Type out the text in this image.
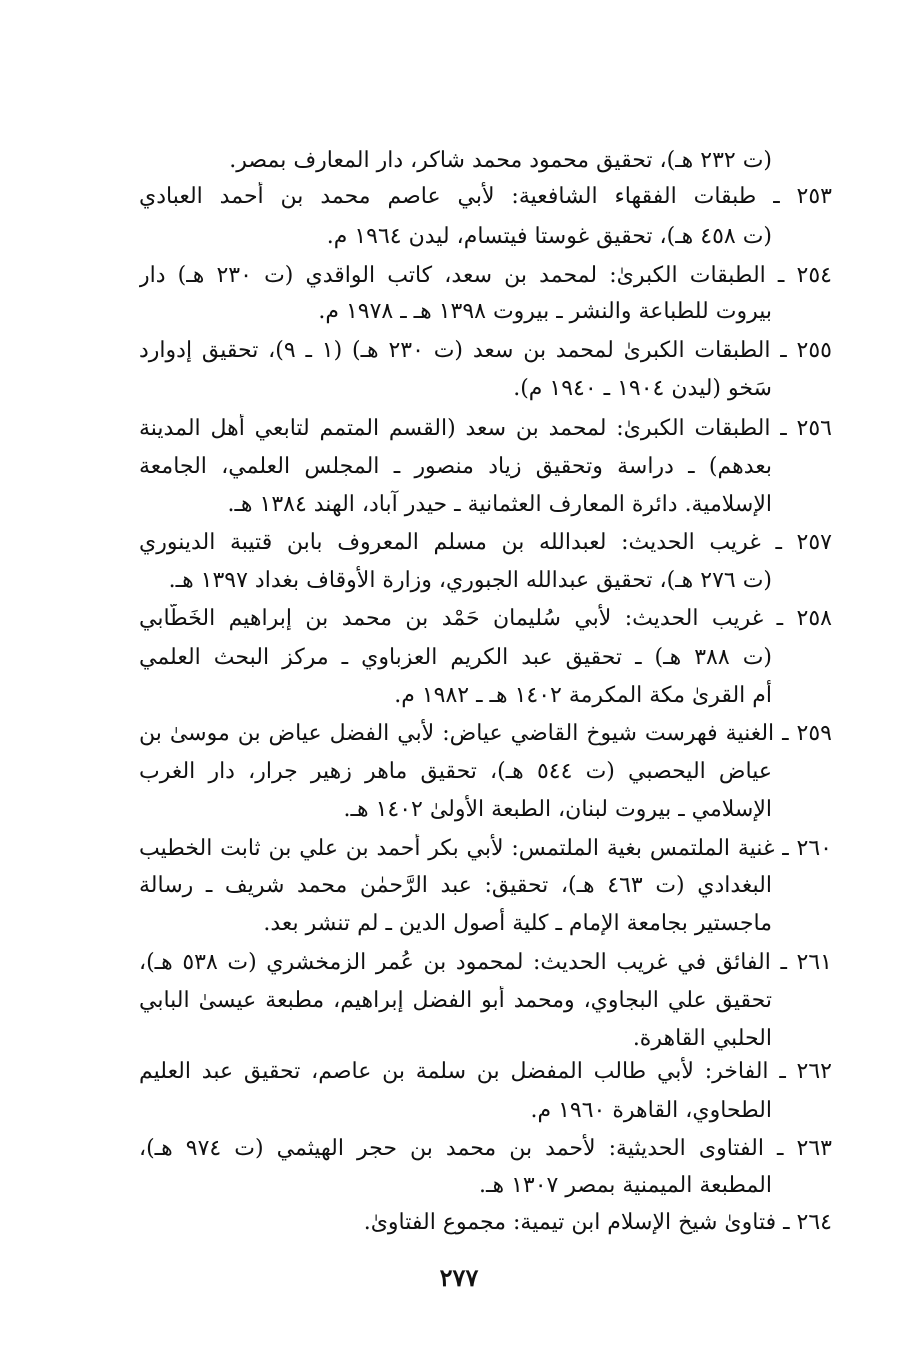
(ت ٢٣٢ هـ)، تحقيق محمود محمد شاكر، دار المعارف بمصر.
٢٥٣ ـ طبقات الفقهاء الشافعية: لأبي عاصم محمد بن أحمد العبادي
(ت ٤٥٨ هـ)، تحقيق غوستا فيتسام، ليدن ١٩٦٤ م.
٢٥٤ ـ الطبقات الكبرىٰ: لمحمد بن سعد، كاتب الواقدي (ت ٢٣٠ هـ) دار
بيروت للطباعة والنشر ـ بيروت ١٣٩٨ هـ ـ ١٩٧٨ م.
٢٥٥ ـ الطبقات الكبرىٰ لمحمد بن سعد (ت ٢٣٠ هـ) (١ ـ ٩)، تحقيق إدوارد
سَخو (ليدن ١٩٠٤ ـ ١٩٤٠ م).
٢٥٦ ـ الطبقات الكبرىٰ: لمحمد بن سعد (القسم المتمم لتابعي أهل المدينة
بعدهم) ـ دراسة وتحقيق زياد منصور ـ المجلس العلمي، الجامعة
الإسلامية. دائرة المعارف العثمانية ـ حيدر آباد، الهند ١٣٨٤ هـ.
٢٥٧ ـ غريب الحديث: لعبدالله بن مسلم المعروف بابن قتيبة الدينوري
(ت ٢٧٦ هـ)، تحقيق عبدالله الجبوري، وزارة الأوقاف بغداد ١٣٩٧ هـ.
٢٥٨ ـ غريب الحديث: لأبي سُليمان حَمْد بن محمد بن إبراهيم الخَطَّابي
(ت ٣٨٨ هـ) ـ تحقيق عبد الكريم العزباوي ـ مركز البحث العلمي
أم القرىٰ مكة المكرمة ١٤٠٢ هـ ـ ١٩٨٢ م.
٢٥٩ ـ الغنية فهرست شيوخ القاضي عياض: لأبي الفضل عياض بن موسىٰ بن
عياض اليحصبي (ت ٥٤٤ هـ)، تحقيق ماهر زهير جرار، دار الغرب
الإسلامي ـ بيروت لبنان، الطبعة الأولىٰ ١٤٠٢ هـ.
٢٦٠ ـ غنية الملتمس بغية الملتمس: لأبي بكر أحمد بن علي بن ثابت الخطيب
البغدادي (ت ٤٦٣ هـ)، تحقيق: عبد الرَّحمٰن محمد شريف ـ رسالة
ماجستير بجامعة الإمام ـ كلية أصول الدين ـ لم تنشر بعد.
٢٦١ ـ الفائق في غريب الحديث: لمحمود بن عُمر الزمخشري (ت ٥٣٨ هـ)،
تحقيق علي البجاوي، ومحمد أبو الفضل إبراهيم، مطبعة عيسىٰ البابي
الحلبي القاهرة.
٢٦٢ ـ الفاخر: لأبي طالب المفضل بن سلمة بن عاصم، تحقيق عبد العليم
الطحاوي، القاهرة ١٩٦٠ م.
٢٦٣ ـ الفتاوى الحديثية: لأحمد بن محمد بن حجر الهيثمي (ت ٩٧٤ هـ)،
المطبعة الميمنية بمصر ١٣٠٧ هـ.
٢٦٤ ـ فتاوىٰ شيخ الإسلام ابن تيمية: مجموع الفتاوىٰ.
٢٧٧
